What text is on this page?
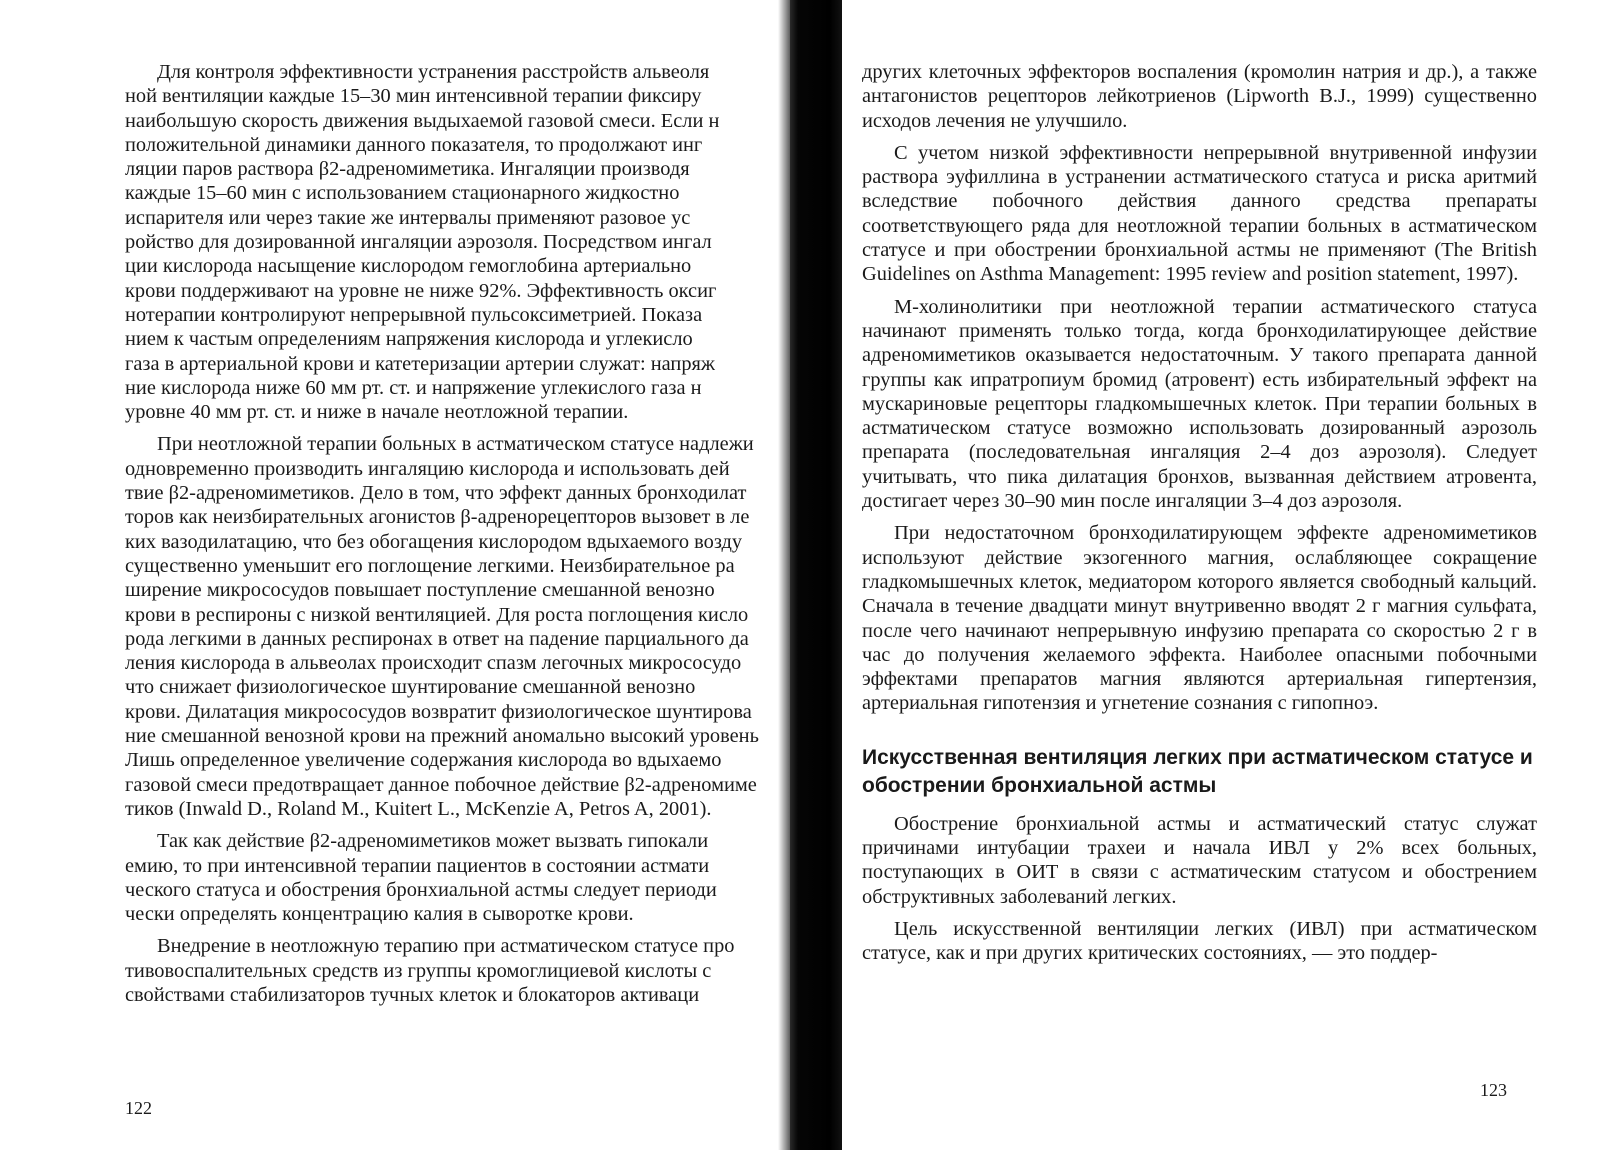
Для контроля эффективности устранения расстройств альвеоля
ной вентиляции каждые 15–30 мин интенсивной терапии фиксиру
наибольшую скорость движения выдыхаемой газовой смеси. Если н
положительной динамики данного показателя, то продолжают инг
ляции паров раствора β2-адреномиметика. Ингаляции производя
каждые 15–60 мин с использованием стационарного жидкостно
испарителя или через такие же интервалы применяют разовое ус
ройство для дозированной ингаляции аэрозоля. Посредством ингал
ции кислорода насыщение кислородом гемоглобина артериально
крови поддерживают на уровне не ниже 92%. Эффективность оксиг
нотерапии контролируют непрерывной пульсоксиметрией. Показа
нием к частым определениям напряжения кислорода и углекисло
газа в артериальной крови и катетеризации артерии служат: напряж
ние кислорода ниже 60 мм рт. ст. и напряжение углекислого газа н
уровне 40 мм рт. ст. и ниже в начале неотложной терапии.
При неотложной терапии больных в астматическом статусе надлежи
одновременно производить ингаляцию кислорода и использовать дей
твие β2-адреномиметиков. Дело в том, что эффект данных бронходилат
торов как неизбирательных агонистов β-адренорецепторов вызовет в ле
ких вазодилатацию, что без обогащения кислородом вдыхаемого возду
существенно уменьшит его поглощение легкими. Неизбирательное ра
ширение микрососудов повышает поступление смешанной венозно
крови в респироны с низкой вентиляцией. Для роста поглощения кисло
рода легкими в данных респиронах в ответ на падение парциального да
ления кислорода в альвеолах происходит спазм легочных микрососудо
что снижает физиологическое шунтирование смешанной венозно
крови. Дилатация микрососудов возвратит физиологическое шунтирова
ние смешанной венозной крови на прежний аномально высокий уровень
Лишь определенное увеличение содержания кислорода во вдыхаемо
газовой смеси предотвращает данное побочное действие β2-адреномиме
тиков (Inwald D., Roland M., Kuitert L., McKenzie A, Petros A, 2001).
Так как действие β2-адреномиметиков может вызвать гипокали
емию, то при интенсивной терапии пациентов в состоянии астмати
ческого статуса и обострения бронхиальной астмы следует периоди
чески определять концентрацию калия в сыворотке крови.
Внедрение в неотложную терапию при астматическом статусе про
тивовоспалительных средств из группы кромоглициевой кислоты с
свойствами стабилизаторов тучных клеток и блокаторов активаци
122

другиx клеточных эффекторов воспаления (кромолин натрия и др.), а также антагонистов рецепторов лейкотриенов (Lipworth B.J., 1999) существенно исходов лечения не улучшило.

С учетом низкой эффективности непрерывной внутривенной инфузии раствора эуфиллина в устранении астматического статуса и риска аритмий вследствие побочного действия данного средства препараты соответствующего ряда для неотложной терапии больных в астматическом статусе и при обострении бронхиальной астмы не применяют (The British Guidelines on Asthma Management: 1995 review and position statement, 1997).

М-холинолитики при неотложной терапии астматического статуса начинают применять только тогда, когда бронходилатирующее действие адреномиметиков оказывается недостаточным. У такого препарата данной группы как ипратропиум бромид (атровент) есть избирательный эффект на мускариновые рецепторы гладкомышечных клеток. При терапии больных в астматическом статусе возможно использовать дозированный аэрозоль препарата (последовательная ингаляция 2–4 доз аэрозоля). Следует учитывать, что пика дилатация бронхов, вызванная действием атровента, достигает через 30–90 мин после ингаляции 3–4 доз аэрозоля.

При недостаточном бронходилатирующем эффекте адреномиметиков используют действие экзогенного магния, ослабляющее сокращение гладкомышечных клеток, медиатором которого является свободный кальций. Сначала в течение двадцати минут внутривенно вводят 2 г магния сульфата, после чего начинают непрерывную инфузию препарата со скоростью 2 г в час до получения желаемого эффекта. Наиболее опасными побочными эффектами препаратов магния являются артериальная гипертензия, артериальная гипотензия и угнетение сознания с гипопноэ.

Искусственная вентиляция легких при астматическом статусе и обострении бронхиальной астмы

Обострение бронхиальной астмы и астматический статус служат причинами интубации трахеи и начала ИВЛ у 2% всех больных, поступающих в ОИТ в связи с астматическим статусом и обострением обструктивных заболеваний легких.

Цель искусственной вентиляции легких (ИВЛ) при астматическом статусе, как и при других критических состояниях, — это поддер-

123
